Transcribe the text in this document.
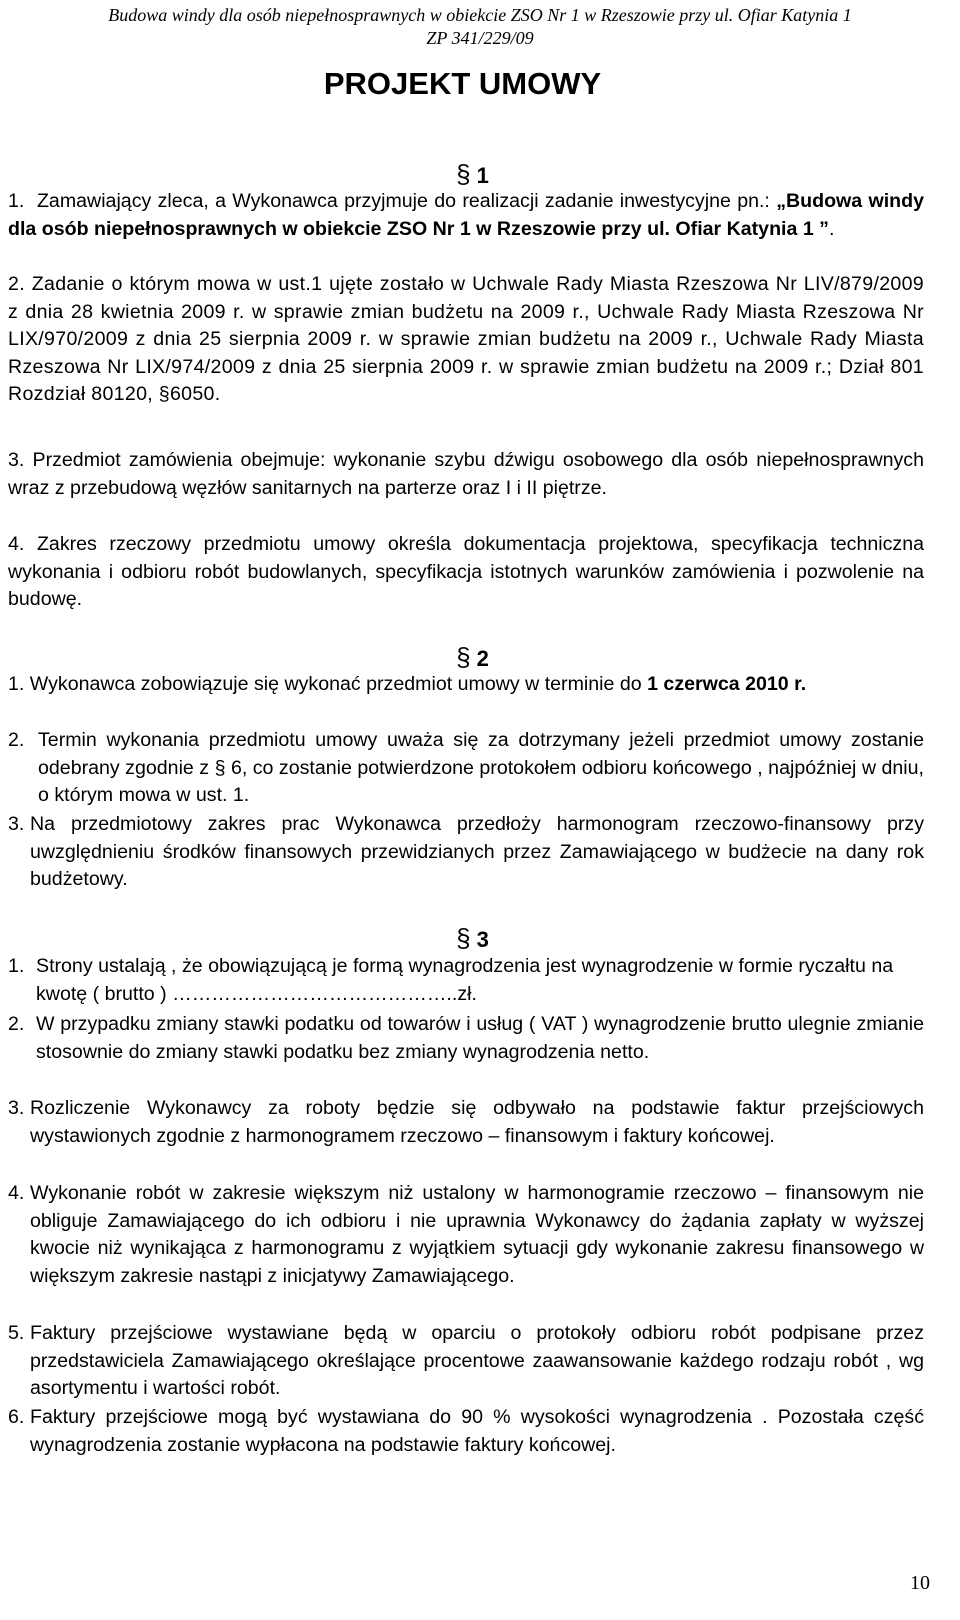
Budowa windy dla osób niepełnosprawnych w obiekcie ZSO Nr 1 w Rzeszowie przy ul. Ofiar Katynia 1
ZP 341/229/09
PROJEKT UMOWY
§ 1
1. Zamawiający zleca, a Wykonawca przyjmuje do realizacji zadanie inwestycyjne pn.: „Budowa windy dla osób niepełnosprawnych w obiekcie ZSO Nr 1 w Rzeszowie przy ul. Ofiar Katynia 1 ”.
2. Zadanie o którym mowa w ust.1 ujęte zostało w Uchwale Rady Miasta Rzeszowa Nr LIV/879/2009 z dnia 28 kwietnia 2009 r. w sprawie zmian budżetu na 2009 r., Uchwale Rady Miasta Rzeszowa Nr LIX/970/2009 z dnia 25 sierpnia 2009 r. w sprawie zmian budżetu na 2009 r., Uchwale Rady Miasta Rzeszowa Nr LIX/974/2009 z dnia 25 sierpnia 2009 r. w sprawie zmian budżetu na 2009 r.; Dział 801 Rozdział 80120, §6050.
3. Przedmiot zamówienia obejmuje: wykonanie szybu dźwigu osobowego dla osób niepełnosprawnych wraz z przebudową węzłów sanitarnych na parterze oraz I i II piętrze.
4. Zakres rzeczowy przedmiotu umowy określa dokumentacja projektowa, specyfikacja techniczna wykonania i odbioru robót budowlanych, specyfikacja istotnych warunków zamówienia i pozwolenie na budowę.
§ 2
1. Wykonawca zobowiązuje się wykonać przedmiot umowy w terminie do 1 czerwca 2010 r.
2. Termin wykonania przedmiotu umowy uważa się za dotrzymany jeżeli przedmiot umowy zostanie odebrany zgodnie z § 6, co zostanie potwierdzone protokołem odbioru końcowego , najpóźniej w dniu, o którym mowa w ust. 1.
3. Na przedmiotowy zakres prac Wykonawca przedłoży harmonogram rzeczowo-finansowy przy uwzględnieniu środków finansowych przewidzianych przez Zamawiającego w budżecie na dany rok budżetowy.
§ 3
1. Strony ustalają , że obowiązującą je formą wynagrodzenia jest wynagrodzenie w formie ryczałtu na kwotę ( brutto ) ……………………………………..zł.
2. W przypadku zmiany stawki podatku od towarów i usług ( VAT ) wynagrodzenie brutto ulegnie zmianie stosownie do zmiany stawki podatku bez zmiany wynagrodzenia netto.
3. Rozliczenie Wykonawcy za roboty będzie się odbywało na podstawie faktur przejściowych wystawionych zgodnie z harmonogramem rzeczowo – finansowym i faktury końcowej.
4. Wykonanie robót w zakresie większym niż ustalony w harmonogramie rzeczowo – finansowym nie obliguje Zamawiającego do ich odbioru i nie uprawnia Wykonawcy do żądania zapłaty w wyższej kwocie niż wynikająca z harmonogramu z wyjątkiem sytuacji gdy wykonanie zakresu finansowego w większym zakresie nastąpi z inicjatywy Zamawiającego.
5. Faktury przejściowe wystawiane będą w oparciu o protokoły odbioru robót podpisane przez przedstawiciela Zamawiającego określające procentowe zaawansowanie każdego rodzaju robót , wg asortymentu i wartości robót.
6. Faktury przejściowe mogą być wystawiana do 90 % wysokości wynagrodzenia . Pozostała część wynagrodzenia zostanie wypłacona na podstawie faktury końcowej.
10
